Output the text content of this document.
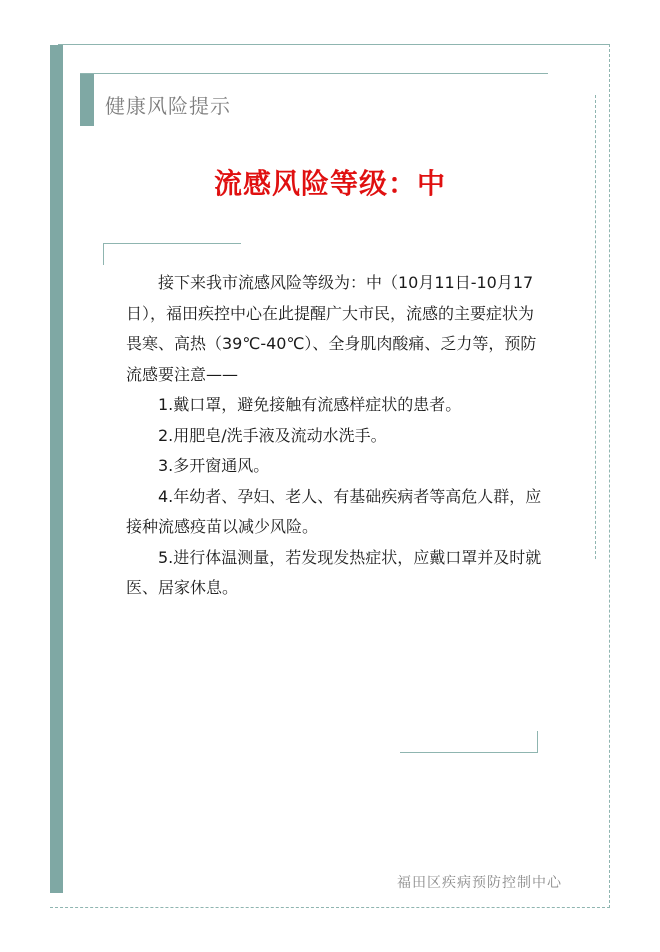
健康风险提示
流感风险等级：中

接下来我市流感风险等级为：中（10月11日-10月17日），福田疾控中心在此提醒广大市民，流感的主要症状为畏寒、高热（39℃-40℃）、全身肌肉酸痛、乏力等，预防流感要注意——

1.戴口罩，避免接触有流感样症状的患者。

2.用肥皂/洗手液及流动水洗手。

3.多开窗通风。

4.年幼者、孕妇、老人、有基础疾病者等高危人群，应接种流感疫苗以减少风险。

5.进行体温测量，若发现发热症状，应戴口罩并及时就医、居家休息。

福田区疾病预防控制中心
